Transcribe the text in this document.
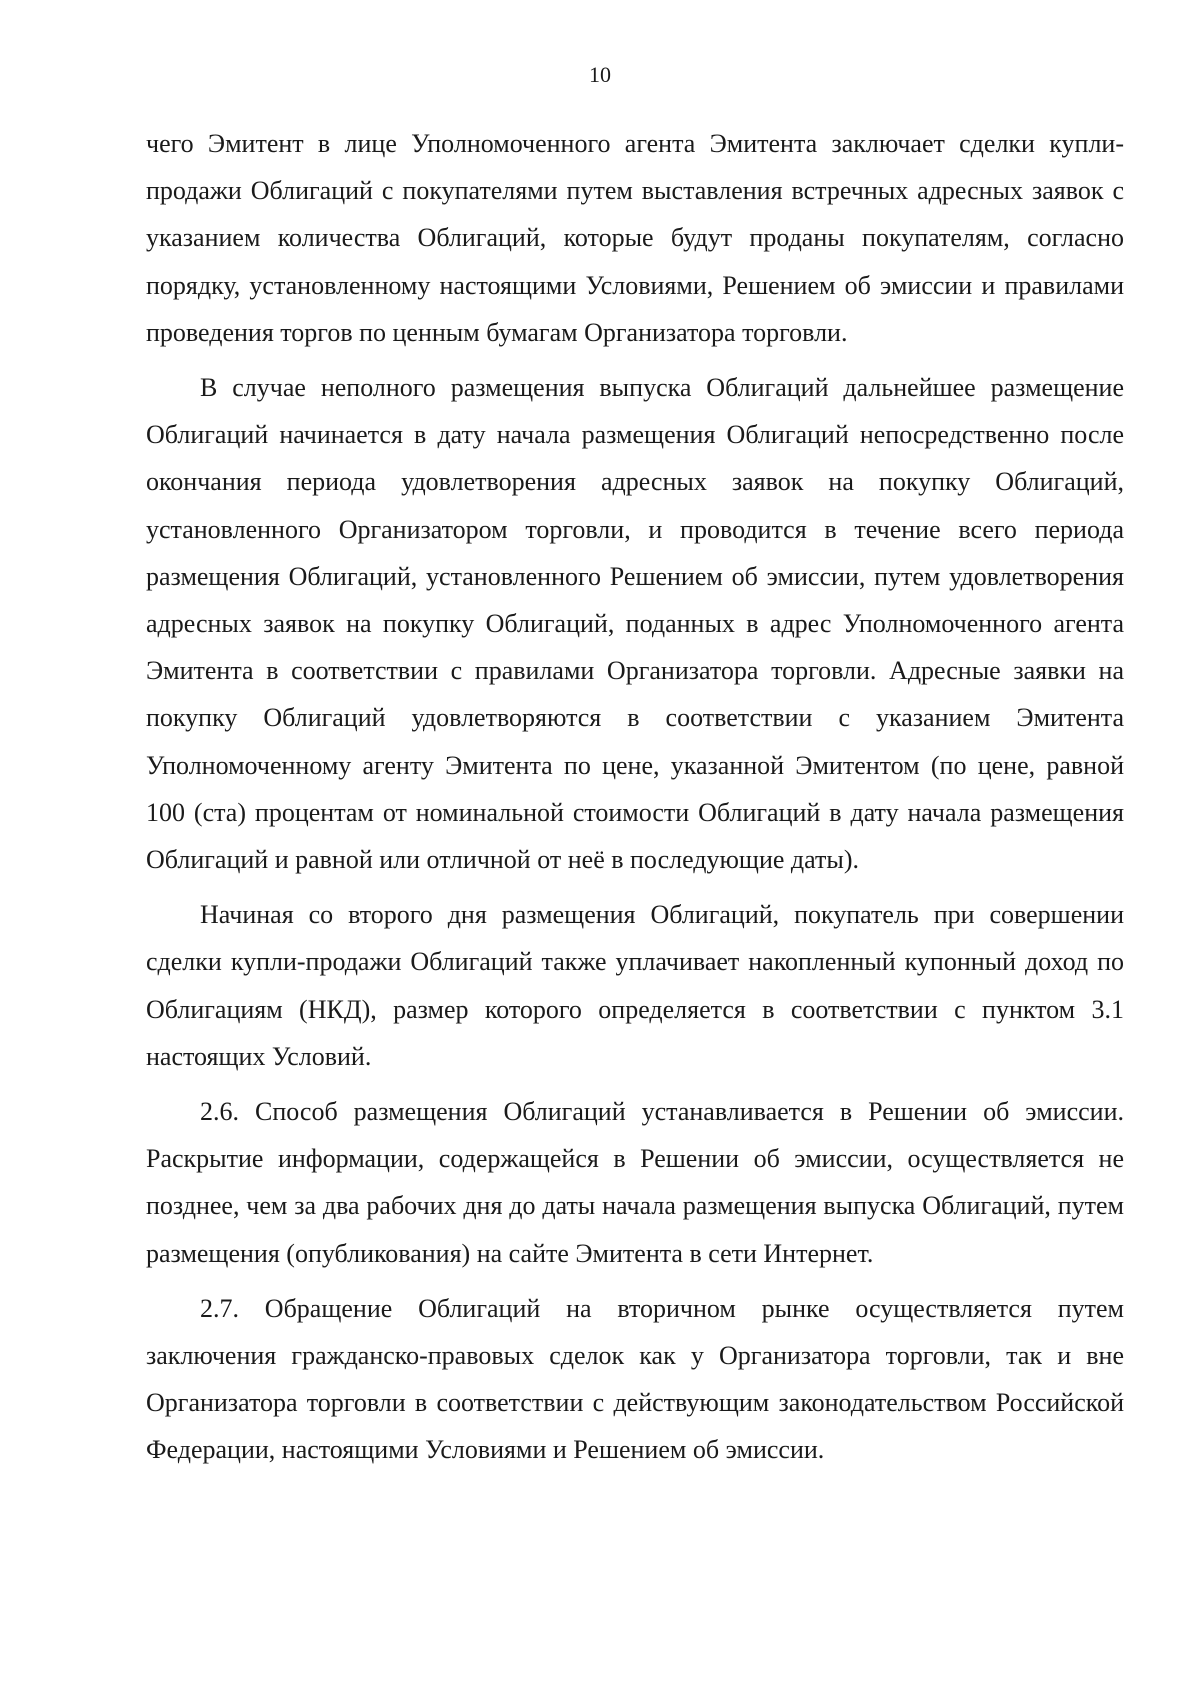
10

чего Эмитент в лице Уполномоченного агента Эмитента заключает сделки купли-продажи Облигаций с покупателями путем выставления встречных адресных заявок с указанием количества Облигаций, которые будут проданы покупателям, согласно порядку, установленному настоящими Условиями, Решением об эмиссии и правилами проведения торгов по ценным бумагам Организатора торговли.

В случае неполного размещения выпуска Облигаций дальнейшее размещение Облигаций начинается в дату начала размещения Облигаций непосредственно после окончания периода удовлетворения адресных заявок на покупку Облигаций, установленного Организатором торговли, и проводится в течение всего периода размещения Облигаций, установленного Решением об эмиссии, путем удовлетворения адресных заявок на покупку Облигаций, поданных в адрес Уполномоченного агента Эмитента в соответствии с правилами Организатора торговли. Адресные заявки на покупку Облигаций удовлетворяются в соответствии с указанием Эмитента Уполномоченному агенту Эмитента по цене, указанной Эмитентом (по цене, равной 100 (ста) процентам от номинальной стоимости Облигаций в дату начала размещения Облигаций и равной или отличной от неё в последующие даты).

Начиная со второго дня размещения Облигаций, покупатель при совершении сделки купли-продажи Облигаций также уплачивает накопленный купонный доход по Облигациям (НКД), размер которого определяется в соответствии с пунктом 3.1 настоящих Условий.

2.6. Способ размещения Облигаций устанавливается в Решении об эмиссии. Раскрытие информации, содержащейся в Решении об эмиссии, осуществляется не позднее, чем за два рабочих дня до даты начала размещения выпуска Облигаций, путем размещения (опубликования) на сайте Эмитента в сети Интернет.

2.7. Обращение Облигаций на вторичном рынке осуществляется путем заключения гражданско-правовых сделок как у Организатора торговли, так и вне Организатора торговли в соответствии с действующим законодательством Российской Федерации, настоящими Условиями и Решением об эмиссии.
